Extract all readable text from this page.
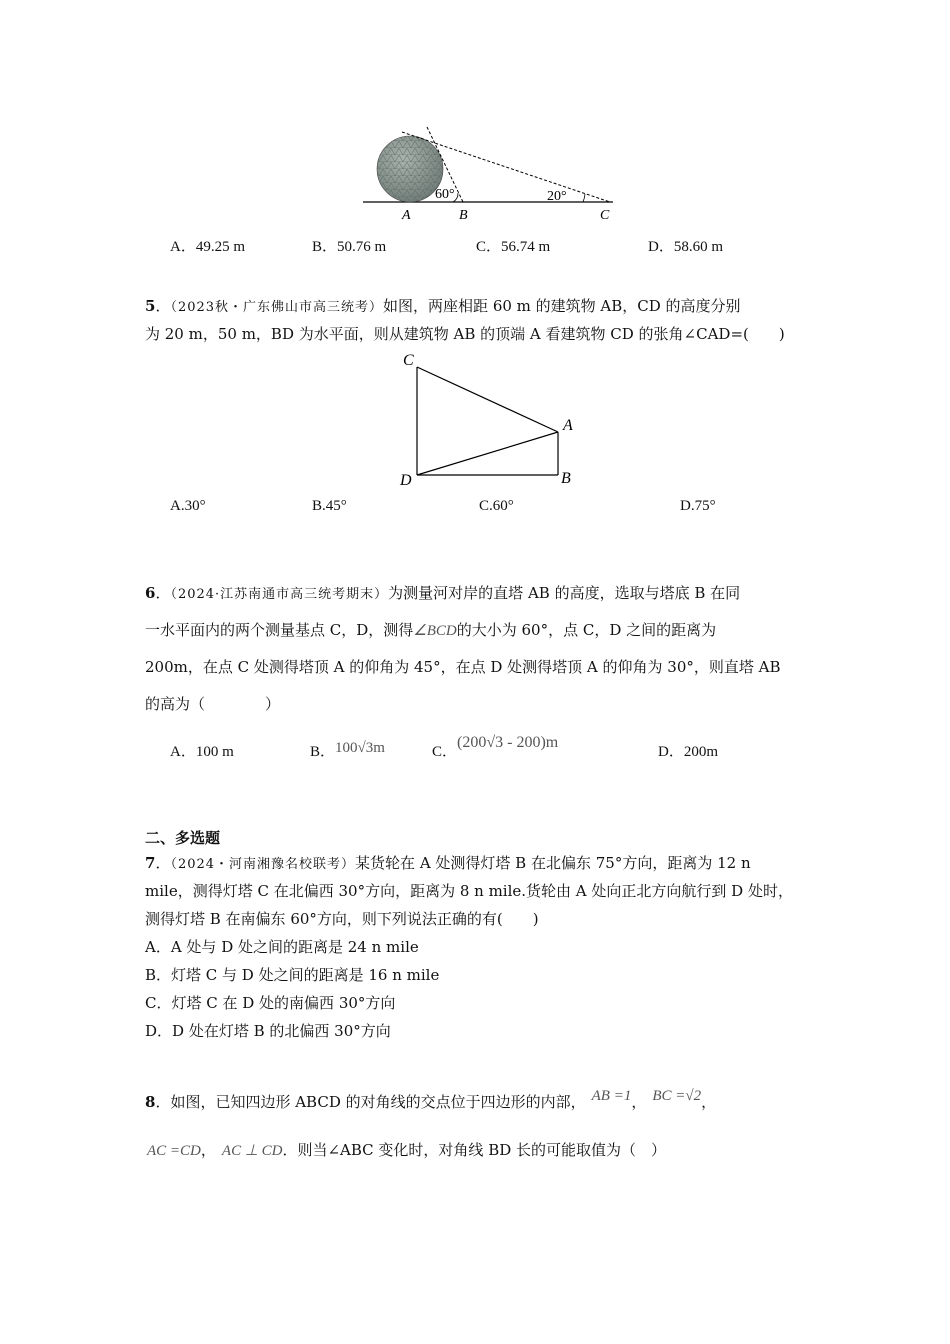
60°	20°
A	B	C
A．49.25 m	B．50.76 m	C．56.74 m	D．58.60 m
5．（2023秋・广东佛山市高三统考）如图，两座相距 60 m 的建筑物 AB，CD 的高度分别
为 20 m，50 m，BD 为水平面，则从建筑物 AB 的顶端 A 看建筑物 CD 的张角∠CAD=(　　)
C
A
D	B
A.30°	B.45°	C.60°	D.75°
6．（2024·江苏南通市高三统考期末）为测量河对岸的直塔 AB 的高度，选取与塔底 B 在同
一水平面内的两个测量基点 C，D，测得∠BCD的大小为 60°，点 C，D 之间的距离为
200m，在点 C 处测得塔顶 A 的仰角为 45°，在点 D 处测得塔顶 A 的仰角为 30°，则直塔 AB
的高为（　　　　）
A．100 m	B．100√3m	C．(200√3 - 200)m
D．200m
二、多选题
7．（2024・河南湘豫名校联考）某货轮在 A 处测得灯塔 B 在北偏东 75°方向，距离为 12 n
mile，测得灯塔 C 在北偏西 30°方向，距离为 8 n mile.货轮由 A 处向正北方向航行到 D 处时，
测得灯塔 B 在南偏东 60°方向，则下列说法正确的有(　　)
A．A 处与 D 处之间的距离是 24 n mile
B．灯塔 C 与 D 处之间的距离是 16 n mile
C．灯塔 C 在 D 处的南偏西 30°方向
D．D 处在灯塔 B 的北偏西 30°方向
8．如图，已知四边形 ABCD 的对角线的交点位于四边形的内部， AB =1， BC =√2，
AC =CD， AC ⊥ CD．则当∠ABC 变化时，对角线 BD 长的可能取值为（　）
